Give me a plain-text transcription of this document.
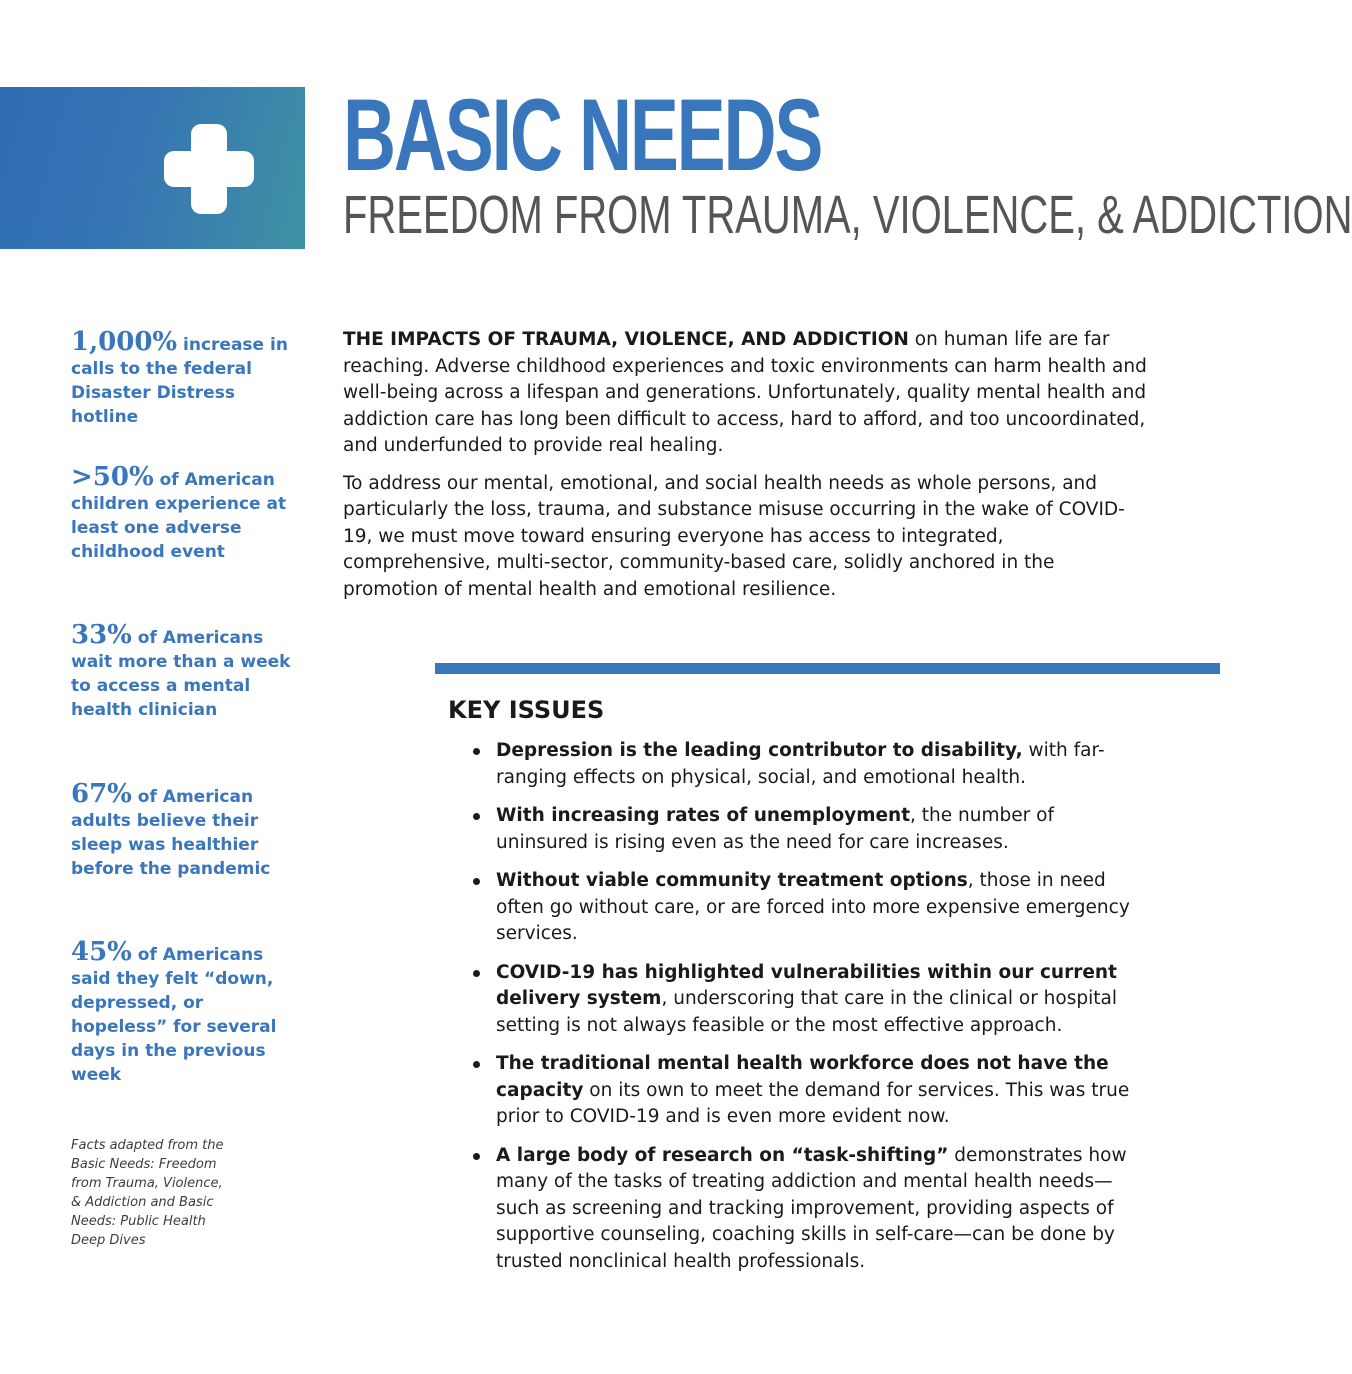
BASIC NEEDS
FREEDOM FROM TRAUMA, VIOLENCE, & ADDICTION
1,000% increase in calls to the federal Disaster Distress hotline
>50% of American children experience at least one adverse childhood event
33% of Americans wait more than a week to access a mental health clinician
67% of American adults believe their sleep was healthier before the pandemic
45% of Americans said they felt “down, depressed, or hopeless” for several days in the previous week
Facts adapted from the Basic Needs: Freedom from Trauma, Violence, & Addiction and Basic Needs: Public Health Deep Dives

THE IMPACTS OF TRAUMA, VIOLENCE, AND ADDICTION on human life are far reaching. Adverse childhood experiences and toxic environments can harm health and well-being across a lifespan and generations. Unfortunately, quality mental health and addiction care has long been difficult to access, hard to afford, and too uncoordinated, and underfunded to provide real healing.

To address our mental, emotional, and social health needs as whole persons, and particularly the loss, trauma, and substance misuse occurring in the wake of COVID-19, we must move toward ensuring everyone has access to integrated, comprehensive, multi-sector, community-based care, solidly anchored in the promotion of mental health and emotional resilience.

KEY ISSUES
Depression is the leading contributor to disability, with far-ranging effects on physical, social, and emotional health.
With increasing rates of unemployment, the number of uninsured is rising even as the need for care increases.
Without viable community treatment options, those in need often go without care, or are forced into more expensive emergency services.
COVID-19 has highlighted vulnerabilities within our current delivery system, underscoring that care in the clinical or hospital setting is not always feasible or the most effective approach.
The traditional mental health workforce does not have the capacity on its own to meet the demand for services. This was true prior to COVID-19 and is even more evident now.
A large body of research on “task-shifting” demonstrates how many of the tasks of treating addiction and mental health needs—such as screening and tracking improvement, providing aspects of supportive counseling, coaching skills in self-care—can be done by trusted nonclinical health professionals.
